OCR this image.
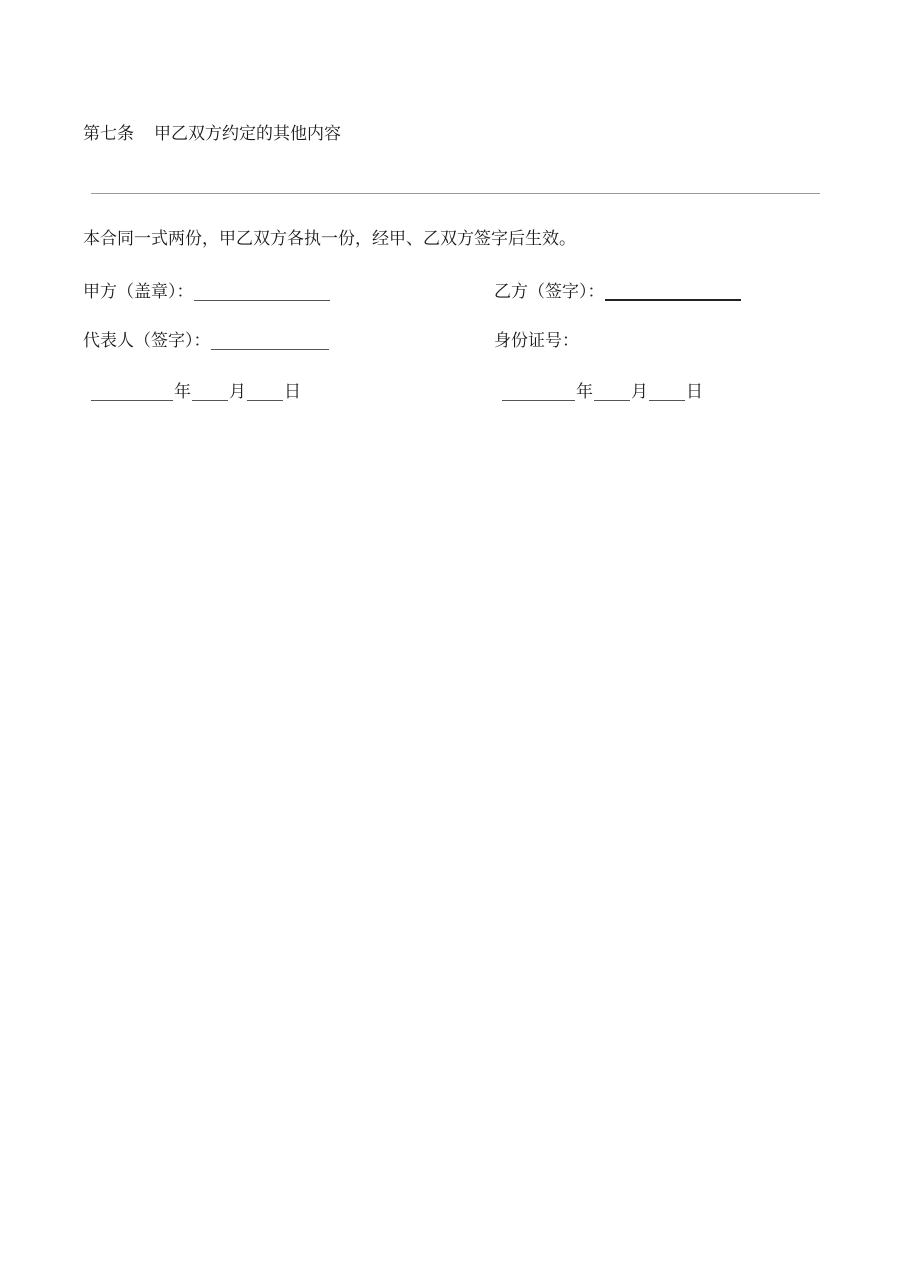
第七条 甲乙双方约定的其他内容
本合同一式两份，甲乙双方各执一份，经甲、乙双方签字后生效。
甲方（盖章）：	乙方（签字）：
代表人（签字）：	身份证号：
年 月 日	年 月 日
